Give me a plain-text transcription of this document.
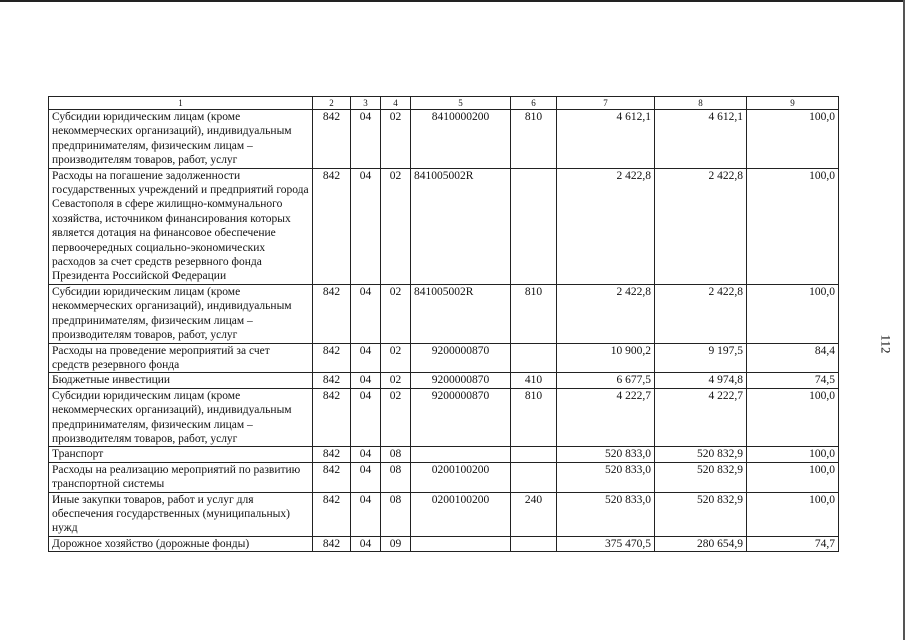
112
1	2	3	4	5	6	7	8	9
Субсидии юридическим лицам (кроме некоммерческих организаций), индивидуальным предпринимателям, физическим лицам – производителям товаров, работ, услуг	842	04	02	8410000200	810	4 612,1	4 612,1	100,0
Расходы на погашение задолженности государственных учреждений и предприятий города Севастополя в сфере жилищно-коммунального хозяйства, источником финансирования которых является дотация на финансовое обеспечение первоочередных социально-экономических расходов за счет средств резервного фонда Президента Российской Федерации	842	04	02	841005002R		2 422,8	2 422,8	100,0
Субсидии юридическим лицам (кроме некоммерческих организаций), индивидуальным предпринимателям, физическим лицам – производителям товаров, работ, услуг	842	04	02	841005002R	810	2 422,8	2 422,8	100,0
Расходы на проведение мероприятий за счет средств резервного фонда	842	04	02	9200000870		10 900,2	9 197,5	84,4
Бюджетные инвестиции	842	04	02	9200000870	410	6 677,5	4 974,8	74,5
Субсидии юридическим лицам (кроме некоммерческих организаций), индивидуальным предпринимателям, физическим лицам – производителям товаров, работ, услуг	842	04	02	9200000870	810	4 222,7	4 222,7	100,0
Транспорт	842	04	08			520 833,0	520 832,9	100,0
Расходы на реализацию мероприятий по развитию транспортной системы	842	04	08	0200100200		520 833,0	520 832,9	100,0
Иные закупки товаров, работ и услуг для обеспечения государственных (муниципальных) нужд	842	04	08	0200100200	240	520 833,0	520 832,9	100,0
Дорожное хозяйство (дорожные фонды)	842	04	09			375 470,5	280 654,9	74,7
